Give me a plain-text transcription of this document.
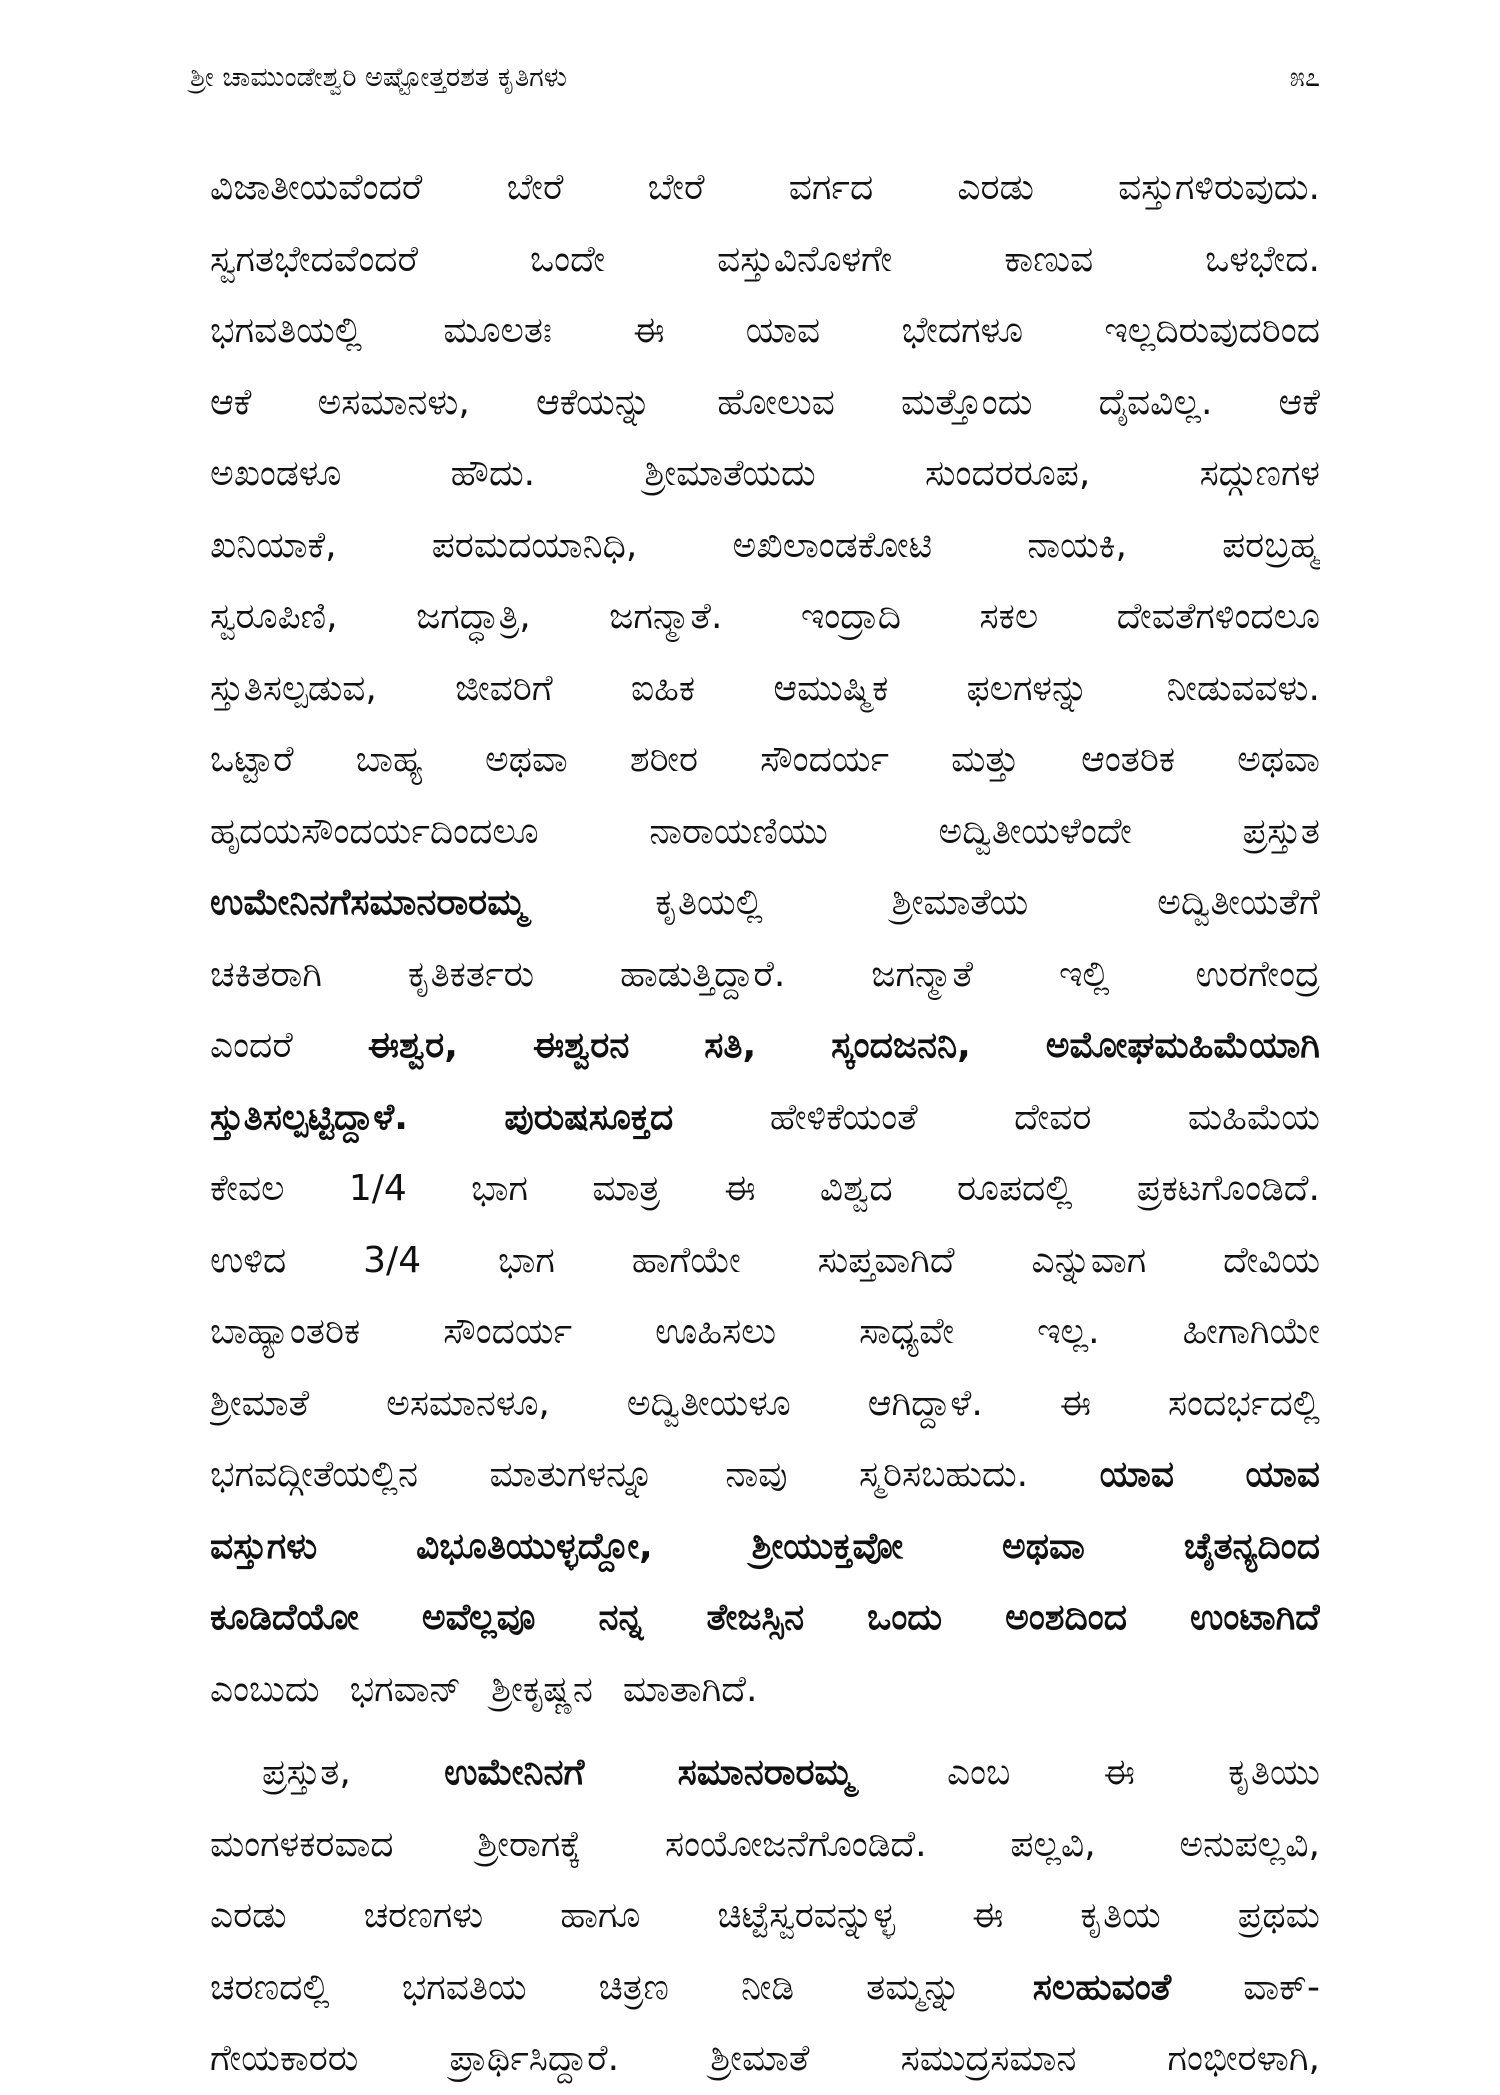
ಶ್ರೀ ಚಾಮುಂಡೇಶ್ವರಿ ಅಷ್ಟೋತ್ತರಶತ ಕೃತಿಗಳು	೫೭
ವಿಜಾತೀಯವೆಂದರೆ ಬೇರೆ ಬೇರೆ ವರ್ಗದ ಎರಡು ವಸ್ತುಗಳಿರುವುದು.
ಸ್ವಗತಭೇದವೆಂದರೆ	ಒಂದೇ	ವಸ್ತುವಿನೊಳಗೇ	ಕಾಣುವ	ಒಳಭೇದ.
ಭಗವತಿಯಲ್ಲಿ ಮೂಲತಃ ಈ ಯಾವ ಭೇದಗಳೂ ಇಲ್ಲದಿರುವುದರಿಂದ
ಆಕೆ ಅಸಮಾನಳು, ಆಕೆಯನ್ನು ಹೋಲುವ ಮತ್ತೊಂದು ದೈವವಿಲ್ಲ. ಆಕೆ
ಅಖಂಡಳೂ	ಹೌದು.	ಶ್ರೀಮಾತೆಯದು	ಸುಂದರರೂಪ,	ಸದ್ಗುಣಗಳ
ಖನಿಯಾಕೆ,	ಪರಮದಯಾನಿಧಿ,	ಅಖಿಲಾಂಡಕೋಟಿ	ನಾಯಕಿ,	ಪರಬ್ರಹ್ಮ
ಸ್ವರೂಪಿಣಿ, ಜಗದ್ಧಾತ್ರಿ, ಜಗನ್ಮಾತೆ. ಇಂದ್ರಾದಿ ಸಕಲ ದೇವತೆಗಳಿಂದಲೂ
ಸ್ತುತಿಸಲ್ಪಡುವ, ಜೀವರಿಗೆ ಐಹಿಕ ಆಮುಷ್ಮಿಕ ಫಲಗಳನ್ನು ನೀಡುವವಳು.
ಒಟ್ಟಾರೆ ಬಾಹ್ಯ ಅಥವಾ ಶರೀರ ಸೌಂದರ್ಯ ಮತ್ತು ಆಂತರಿಕ ಅಥವಾ
ಹೃದಯಸೌಂದರ್ಯದಿಂದಲೂ	ನಾರಾಯಣಿಯು	ಅದ್ವಿತೀಯಳೆಂದೇ	ಪ್ರಸ್ತುತ
ಉಮೇನಿನಗೆಸಮಾನರಾರಮ್ಮ	ಕೃತಿಯಲ್ಲಿ	ಶ್ರೀಮಾತೆಯ	ಅದ್ವಿತೀಯತೆಗೆ
ಚಕಿತರಾಗಿ ಕೃತಿಕರ್ತರು ಹಾಡುತ್ತಿದ್ದಾರೆ. ಜಗನ್ಮಾತೆ ಇಲ್ಲಿ ಉರಗೇಂದ್ರ
ಎಂದರೆ ಈಶ್ವರ, ಈಶ್ವರನ ಸತಿ, ಸ್ಕಂದಜನನಿ, ಅಮೋಘಮಹಿಮೆಯಾಗಿ
ಸ್ತುತಿಸಲ್ಪಟ್ಟಿದ್ದಾಳೆ.	ಪುರುಷಸೂಕ್ತದ	ಹೇಳಿಕೆಯಂತೆ	ದೇವರ	ಮಹಿಮೆಯ
ಕೇವಲ 1/4 ಭಾಗ ಮಾತ್ರ ಈ ವಿಶ್ವದ ರೂಪದಲ್ಲಿ ಪ್ರಕಟಗೊಂಡಿದೆ.
ಉಳಿದ 3/4 ಭಾಗ ಹಾಗೆಯೇ ಸುಪ್ತವಾಗಿದೆ ಎನ್ನುವಾಗ ದೇವಿಯ
ಬಾಹ್ಯಾಂತರಿಕ ಸೌಂದರ್ಯ ಊಹಿಸಲು ಸಾಧ್ಯವೇ ಇಲ್ಲ. ಹೀಗಾಗಿಯೇ
ಶ್ರೀಮಾತೆ ಅಸಮಾನಳೂ, ಅದ್ವಿತೀಯಳೂ ಆಗಿದ್ದಾಳೆ. ಈ ಸಂದರ್ಭದಲ್ಲಿ
ಭಗವದ್ಗೀತೆಯಲ್ಲಿನ ಮಾತುಗಳನ್ನೂ ನಾವು ಸ್ಮರಿಸಬಹುದು. ಯಾವ ಯಾವ
ವಸ್ತುಗಳು	ವಿಭೂತಿಯುಳ್ಳದ್ದೋ,	ಶ್ರೀಯುಕ್ತವೋ	ಅಥವಾ	ಚೈತನ್ಯದಿಂದ
ಕೂಡಿದೆಯೋ ಅವೆಲ್ಲವೂ ನನ್ನ ತೇಜಸ್ಸಿನ ಒಂದು ಅಂಶದಿಂದ ಉಂಟಾಗಿದೆ
ಎಂಬುದು ಭಗವಾನ್ ಶ್ರೀಕೃಷ್ಣನ ಮಾತಾಗಿದೆ.
ಪ್ರಸ್ತುತ,	ಉಮೇನಿನಗೆ	ಸಮಾನರಾರಮ್ಮ	ಎಂಬ	ಈ	ಕೃತಿಯು
ಮಂಗಳಕರವಾದ ಶ್ರೀರಾಗಕ್ಕೆ ಸಂಯೋಜನೆಗೊಂಡಿದೆ. ಪಲ್ಲವಿ, ಅನುಪಲ್ಲವಿ,
ಎರಡು ಚರಣಗಳು ಹಾಗೂ ಚಿಟ್ಟೆಸ್ವರವನ್ನುಳ್ಳ ಈ ಕೃತಿಯ ಪ್ರಥಮ
ಚರಣದಲ್ಲಿ ಭಗವತಿಯ ಚಿತ್ರಣ ನೀಡಿ ತಮ್ಮನ್ನು ಸಲಹುವಂತೆ ವಾಕ್-
ಗೇಯಕಾರರು	ಪ್ರಾರ್ಥಿಸಿದ್ದಾರೆ.	ಶ್ರೀಮಾತೆ	ಸಮುದ್ರಸಮಾನ	ಗಂಭೀರಳಾಗಿ,
